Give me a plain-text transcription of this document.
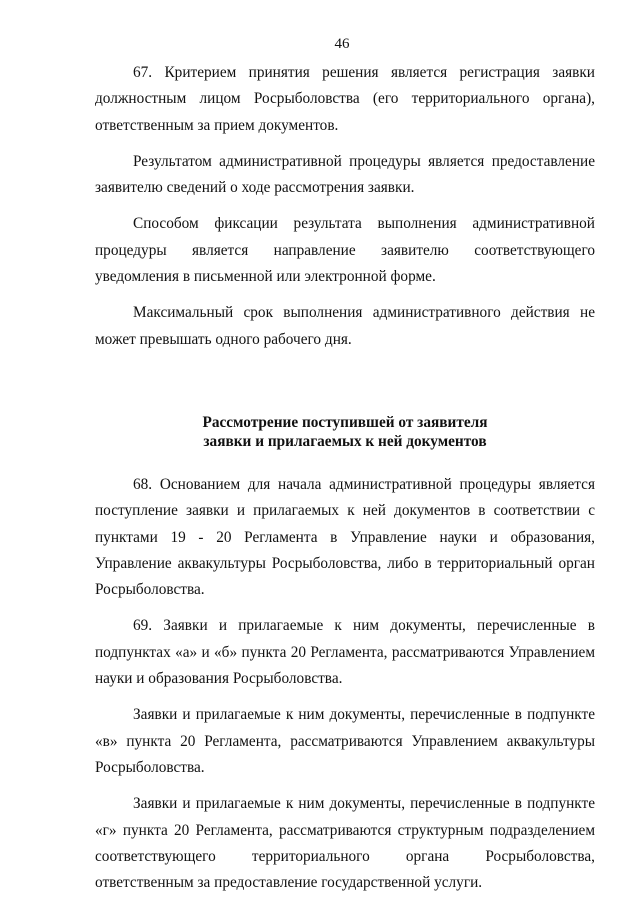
46

67. Критерием принятия решения является регистрация заявки должностным лицом Росрыболовства (его территориального органа), ответственным за прием документов.

Результатом административной процедуры является предоставление заявителю сведений о ходе рассмотрения заявки.

Способом фиксации результата выполнения административной процедуры является направление заявителю соответствующего уведомления в письменной или электронной форме.

Максимальный срок выполнения административного действия не может превышать одного рабочего дня.

Рассмотрение поступившей от заявителя

заявки и прилагаемых к ней документов

68. Основанием для начала административной процедуры является поступление заявки и прилагаемых к ней документов в соответствии с пунктами 19 - 20 Регламента в Управление науки и образования, Управление аквакультуры Росрыболовства, либо в территориальный орган Росрыболовства.

69. Заявки и прилагаемые к ним документы, перечисленные в подпунктах «а» и «б» пункта 20 Регламента, рассматриваются Управлением науки и образования Росрыболовства.

Заявки и прилагаемые к ним документы, перечисленные в подпункте «в» пункта 20 Регламента, рассматриваются Управлением аквакультуры Росрыболовства.

Заявки и прилагаемые к ним документы, перечисленные в подпункте «г» пункта 20 Регламента, рассматриваются структурным подразделением соответствующего территориального органа Росрыболовства, ответственным за предоставление государственной услуги.
